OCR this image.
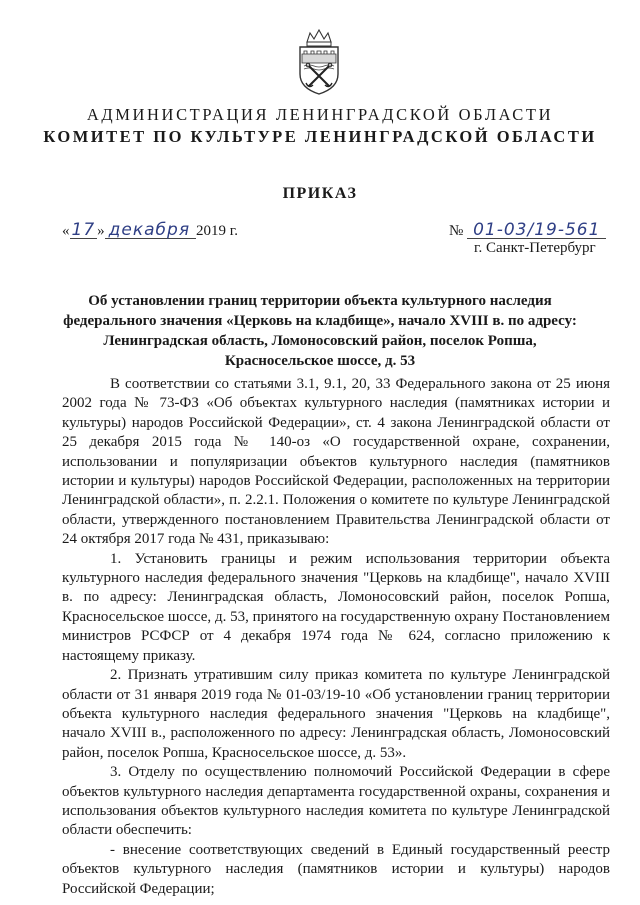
АДМИНИСТРАЦИЯ ЛЕНИНГРАДСКОЙ ОБЛАСТИ
КОМИТЕТ ПО КУЛЬТУРЕ ЛЕНИНГРАДСКОЙ ОБЛАСТИ
ПРИКАЗ
« 17 » декабря 2019 г.	№ 01-03/19-561
г. Санкт-Петербург
Об установлении границ территории объекта культурного наследия федерального значения «Церковь на кладбище», начало XVIII в. по адресу: Ленинградская область, Ломоносовский район, поселок Ропша, Красносельское шоссе, д. 53

В соответствии со статьями 3.1, 9.1, 20, 33 Федерального закона от 25 июня 2002 года № 73-ФЗ «Об объектах культурного наследия (памятниках истории и культуры) народов Российской Федерации», ст. 4 закона Ленинградской области от 25 декабря 2015 года № 140-оз «О государственной охране, сохранении, использовании и популяризации объектов культурного наследия (памятников истории и культуры) народов Российской Федерации, расположенных на территории Ленинградской области», п. 2.2.1. Положения о комитете по культуре Ленинградской области, утвержденного постановлением Правительства Ленинградской области от 24 октября 2017 года № 431, приказываю:

1. Установить границы и режим использования территории объекта культурного наследия федерального значения "Церковь на кладбище", начало XVIII в. по адресу: Ленинградская область, Ломоносовский район, поселок Ропша, Красносельское шоссе, д. 53, принятого на государственную охрану Постановлением министров РСФСР от 4 декабря 1974 года № 624, согласно приложению к настоящему приказу.

2. Признать утратившим силу приказ комитета по культуре Ленинградской области от 31 января 2019 года № 01-03/19-10 «Об установлении границ территории объекта культурного наследия федерального значения "Церковь на кладбище", начало XVIII в., расположенного по адресу: Ленинградская область, Ломоносовский район, поселок Ропша, Красносельское шоссе, д. 53».

3. Отделу по осуществлению полномочий Российской Федерации в сфере объектов культурного наследия департамента государственной охраны, сохранения и использования объектов культурного наследия комитета по культуре Ленинградской области обеспечить:

- внесение соответствующих сведений в Единый государственный реестр объектов культурного наследия (памятников истории и культуры) народов Российской Федерации;
